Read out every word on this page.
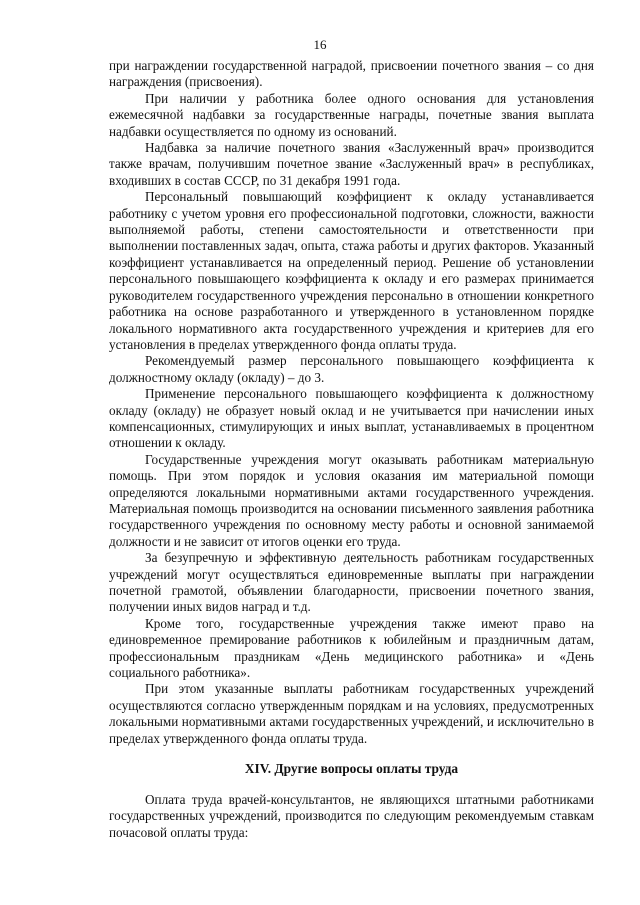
16

при награждении государственной наградой, присвоении почетного звания – со дня награждения (присвоения).

При наличии у работника более одного основания для установления ежемесячной надбавки за государственные награды, почетные звания выплата надбавки осуществляется по одному из оснований.

Надбавка за наличие почетного звания «Заслуженный врач» производится также врачам, получившим почетное звание «Заслуженный врач» в республиках, входивших в состав СССР, по 31 декабря 1991 года.

Персональный повышающий коэффициент к окладу устанавливается работнику с учетом уровня его профессиональной подготовки, сложности, важности выполняемой работы, степени самостоятельности и ответственности при выполнении поставленных задач, опыта, стажа работы и других факторов. Указанный коэффициент устанавливается на определенный период. Решение об установлении персонального повышающего коэффициента к окладу и его размерах принимается руководителем государственного учреждения персонально в отношении конкретного работника на основе разработанного и утвержденного в установленном порядке локального нормативного акта государственного учреждения и критериев для его установления в пределах утвержденного фонда оплаты труда.

Рекомендуемый размер персонального повышающего коэффициента к должностному окладу (окладу) – до 3.

Применение персонального повышающего коэффициента к должностному окладу (окладу) не образует новый оклад и не учитывается при начислении иных компенсационных, стимулирующих и иных выплат, устанавливаемых в процентном отношении к окладу.

Государственные учреждения могут оказывать работникам материальную помощь. При этом порядок и условия оказания им материальной помощи определяются локальными нормативными актами государственного учреждения. Материальная помощь производится на основании письменного заявления работника государственного учреждения по основному месту работы и основной занимаемой должности и не зависит от итогов оценки его труда.

За безупречную и эффективную деятельность работникам государственных учреждений могут осуществляться единовременные выплаты при награждении почетной грамотой, объявлении благодарности, присвоении почетного звания, получении иных видов наград и т.д.

Кроме того, государственные учреждения также имеют право на единовременное премирование работников к юбилейным и праздничным датам, профессиональным праздникам «День медицинского работника» и «День социального работника».

При этом указанные выплаты работникам государственных учреждений осуществляются согласно утвержденным порядкам и на условиях, предусмотренных локальными нормативными актами государственных учреждений, и исключительно в пределах утвержденного фонда оплаты труда.

XIV. Другие вопросы оплаты труда

Оплата труда врачей-консультантов, не являющихся штатными работниками государственных учреждений, производится по следующим рекомендуемым ставкам почасовой оплаты труда:
